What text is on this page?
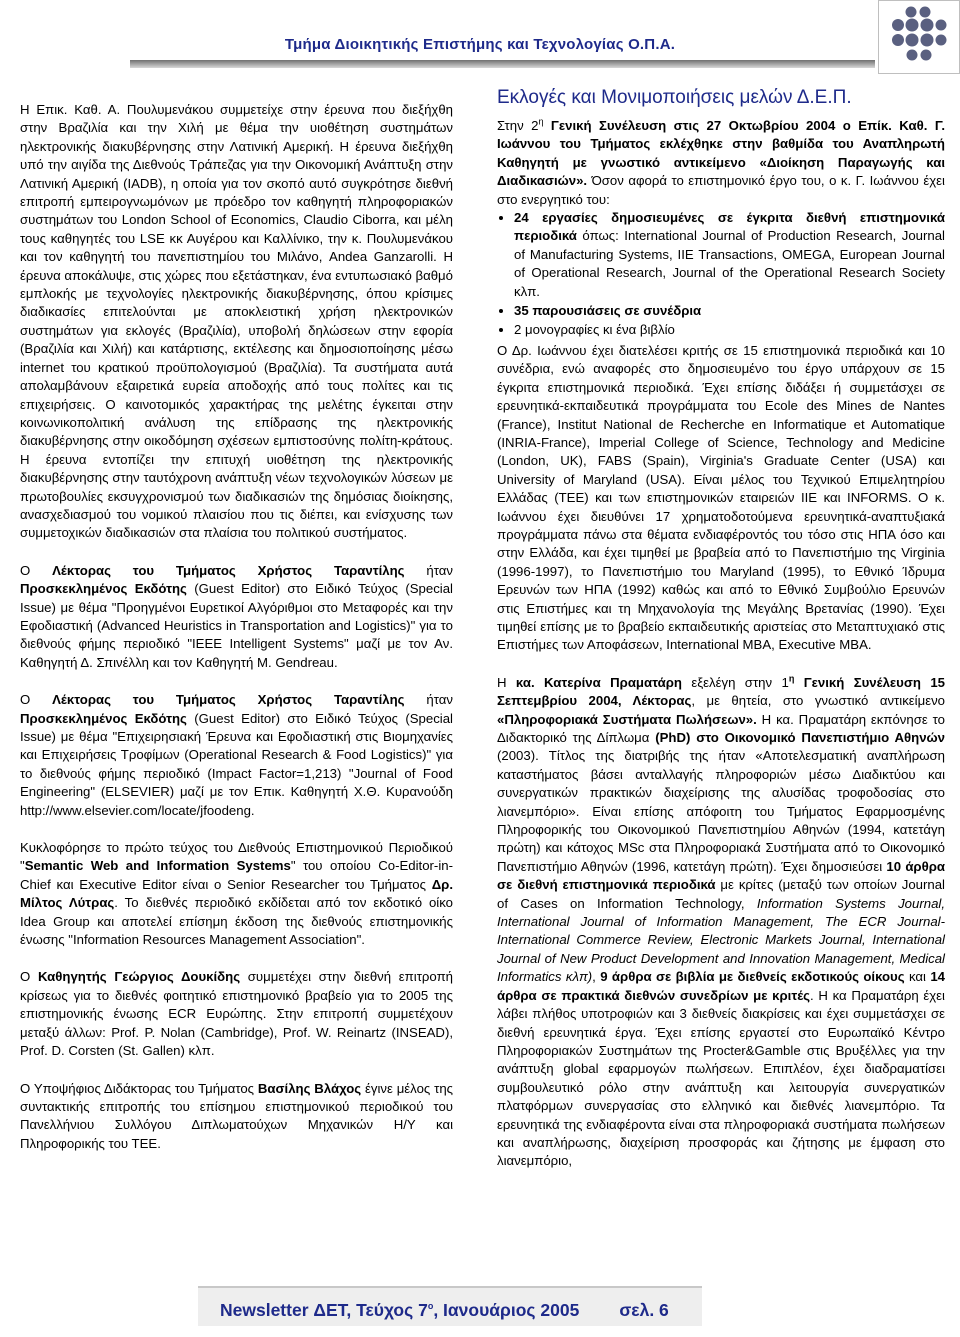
Τμήμα Διοικητικής Επιστήμης και Τεχνολογίας Ο.Π.Α.

Η Επικ. Καθ. Α. Πουλυμενάκου συμμετείχε στην έρευνα που διεξήχθη στην Βραζιλία και την Χιλή με θέμα την υιοθέτηση συστημάτων ηλεκτρονικής διακυβέρνησης στην Λατινική Αμερική. Η έρευνα διεξήχθη υπό την αιγίδα της Διεθνούς Τράπεζας για την Οικονομική Ανάπτυξη στην Λατινική Αμερική (IADB), η οποία για τον σκοπό αυτό συγκρότησε διεθνή επιτροπή εμπειρογνωμόνων με πρόεδρο τον καθηγητή πληροφοριακών συστημάτων του London School of Economics, Claudio Ciborra, και μέλη τους καθηγητές του LSE κκ Αυγέρου και Καλλίνικο, την κ. Πουλυμενάκου και τον καθηγητή του πανεπιστημίου του Μιλάνο, Andea Ganzarolli. Η έρευνα αποκάλυψε, στις χώρες που εξετάστηκαν, ένα εντυπωσιακό βαθμό εμπλοκής με τεχνολογίες ηλεκτρονικής διακυβέρνησης, όπου κρίσιμες διαδικασίες επιτελούνται με αποκλειστική χρήση ηλεκτρονικών συστημάτων για εκλογές (Βραζιλία), υποβολή δηλώσεων στην εφορία (Βραζιλία και Χιλή) και κατάρτισης, εκτέλεσης και δημοσιοποίησης μέσω internet του κρατικού προϋπολογισμού (Βραζιλία). Τα συστήματα αυτά απολαμβάνουν εξαιρετικά ευρεία αποδοχής από τους πολίτες και τις επιχειρήσεις. Ο καινοτομικός χαρακτήρας της μελέτης έγκειται στην κοινωνικοπολιτική ανάλυση της επίδρασης της ηλεκτρονικής διακυβέρνησης στην οικοδόμηση σχέσεων εμπιστοσύνης πολίτη-κράτους. Η έρευνα εντοπίζει την επιτυχή υιοθέτηση της ηλεκτρονικής διακυβέρνησης στην ταυτόχρονη ανάπτυξη νέων τεχνολογικών λύσεων με πρωτοβουλίες εκσυγχρονισμού των διαδικασιών της δημόσιας διοίκησης, ανασχεδιασμού του νομικού πλαισίου που τις διέπει, και ενίσχυσης των συμμετοχικών διαδικασιών στα πλαίσια του πολιτικού συστήματος.

Ο Λέκτορας του Τμήματος Χρήστος Ταραντίλης ήταν Προσκεκλημένος Εκδότης (Guest Editor) στο Ειδικό Τεύχος (Special Issue) με θέμα "Προηγμένοι Ευρετικοί Αλγόριθμοι στο Μεταφορές και την Εφοδιαστική (Advanced Heuristics in Transportation and Logistics)" για το διεθνούς φήμης περιοδικό "IEEE Intelligent Systems" μαζί με τον Αν. Καθηγητή Δ. Σπινέλλη και τον Καθηγητή M. Gendreau.

Ο Λέκτορας του Τμήματος Χρήστος Ταραντίλης ήταν Προσκεκλημένος Εκδότης (Guest Editor) στο Ειδικό Τεύχος (Special Issue) με θέμα "Επιχειρησιακή Έρευνα και Εφοδιαστική στις Βιομηχανίες και Επιχειρήσεις Τροφίμων (Operational Research & Food Logistics)" για το διεθνούς φήμης περιοδικό (Impact Factor=1,213) "Journal of Food Engineering" (ELSEVIER) μαζί με τον Επικ. Καθηγητή Χ.Θ. Κυρανούδη http://www.elsevier.com/locate/jfoodeng.

Κυκλοφόρησε το πρώτο τεύχος του Διεθνούς Επιστημονικού Περιοδικού "Semantic Web and Information Systems" του οποίου Co-Editor-in-Chief και Executive Editor είναι ο Senior Researcher του Τμήματος Δρ. Μίλτος Λύτρας. Το διεθνές περιοδικό εκδίδεται από τον εκδοτικό οίκο Idea Group και αποτελεί επίσημη έκδοση της διεθνούς επιστημονικής ένωσης "Information Resources Management Association".

Ο Καθηγητής Γεώργιος Δουκίδης συμμετέχει στην διεθνή επιτροπή κρίσεως για το διεθνές φοιτητικό επιστημονικό βραβείο για το 2005 της επιστημονικής ένωσης ECR Ευρώπης. Στην επιτροπή συμμετέχουν μεταξύ άλλων: Prof. P. Nolan (Cambridge), Prof. W. Reinartz (INSEAD), Prof. D. Corsten (St. Gallen) κλπ.

Ο Υποψήφιος Διδάκτορας του Τμήματος Βασίλης Βλάχος έγινε μέλος της συντακτικής επιτροπής του επίσημου επιστημονικού περιοδικού του Πανελλήνιου Συλλόγου Διπλωματούχων Μηχανικών Η/Υ και Πληροφορικής του ΤΕΕ.

Εκλογές και Μονιμοποιήσεις μελών Δ.Ε.Π.

Στην $2^\eta$ Γενική Συνέλευση στις 27 Οκτωβρίου 2004 ο Επίκ. Καθ. Γ. Ιωάννου του Τμήματος εκλέχθηκε στην βαθμίδα του Αναπληρωτή Καθηγητή με γνωστικό αντικείμενο «Διοίκηση Παραγωγής και Διαδικασιών». Όσον αφορά το επιστημονικό έργο του, ο κ. Γ. Ιωάννου έχει στο ενεργητικό του:

• 24 εργασίες δημοσιευμένες σε έγκριτα διεθνή επιστημονικά περιοδικά όπως: International Journal of Production Research, Journal of Manufacturing Systems, IIE Transactions, OMEGA, European Journal of Operational Research, Journal of the Operational Research Society κλπ.
• 35 παρουσιάσεις σε συνέδρια
• 2 μονογραφίες κι ένα βιβλίο

Ο Δρ. Ιωάννου έχει διατελέσει κριτής σε 15 επιστημονικά περιοδικά και 10 συνέδρια, ενώ αναφορές στο δημοσιευμένο του έργο υπάρχουν σε 15 έγκριτα επιστημονικά περιοδικά. Έχει επίσης διδάξει ή συμμετάσχει σε ερευνητικά-εκπαιδευτικά προγράμματα του Ecole des Mines de Nantes (France), Institut National de Recherche en Informatique et Automatique (INRIA-France), Imperial College of Science, Technology and Medicine (London, UK), FABS (Spain), Virginia's Graduate Center (USA) και University of Maryland (USA). Είναι μέλος του Τεχνικού Επιμελητηρίου Ελλάδας (ΤΕΕ) και των επιστημονικών εταιρειών IIE και INFORMS. Ο κ. Ιωάννου έχει διευθύνει 17 χρηματοδοτούμενα ερευνητικά-αναπτυξιακά προγράμματα πάνω στα θέματα ενδιαφέροντός του τόσο στις ΗΠΑ όσο και στην Ελλάδα, και έχει τιμηθεί με βραβεία από το Πανεπιστήμιο της Virginia (1996-1997), το Πανεπιστήμιο του Maryland (1995), το Εθνικό Ίδρυμα Ερευνών των ΗΠΑ (1992) καθώς και από το Εθνικό Συμβούλιο Ερευνών στις Επιστήμες και τη Μηχανολογία της Μεγάλης Βρετανίας (1990). Έχει τιμηθεί επίσης με το βραβείο εκπαιδευτικής αριστείας στο Μεταπτυχιακό στις Επιστήμες των Αποφάσεων, International MBA, Executive MBA.

Η κα. Κατερίνα Πραματάρη εξελέγη στην $1^\eta$ Γενική Συνέλευση 15 Σεπτεμβρίου 2004, Λέκτορας, με θητεία, στο γνωστικό αντικείμενο «Πληροφοριακά Συστήματα Πωλήσεων». Η κα. Πραματάρη εκπόνησε το Διδακτορικό της Δίπλωμα (PhD) στο Οικονομικό Πανεπιστήμιο Αθηνών (2003). Τίτλος της διατριβής της ήταν «Αποτελεσματική αναπλήρωση καταστήματος βάσει ανταλλαγής πληροφοριών μέσω Διαδικτύου και συνεργατικών πρακτικών διαχείρισης της αλυσίδας τροφοδοσίας στο λιανεμπόριο». Είναι επίσης απόφοιτη του Τμήματος Εφαρμοσμένης Πληροφορικής του Οικονομικού Πανεπιστημίου Αθηνών (1994, κατετάγη πρώτη) και κάτοχος MSc στα Πληροφοριακά Συστήματα από το Οικονομικό Πανεπιστήμιο Αθηνών (1996, κατετάγη πρώτη). Έχει δημοσιεύσει 10 άρθρα σε διεθνή επιστημονικά περιοδικά με κρίτες (μεταξύ των οποίων Journal of Cases on Information Technology, Information Systems Journal, International Journal of Information Management, The ECR Journal-International Commerce Review, Electronic Markets Journal, International Journal of New Product Development and Innovation Management, Medical Informatics κλπ), 9 άρθρα σε βιβλία με διεθνείς εκδοτικούς οίκους και 14 άρθρα σε πρακτικά διεθνών συνεδρίων με κριτές. Η κα Πραματάρη έχει λάβει πλήθος υποτροφιών και 3 διεθνείς διακρίσεις και έχει συμμετάσχει σε διεθνή ερευνητικά έργα. Έχει επίσης εργαστεί στο Ευρωπαϊκό Κέντρο Πληροφοριακών Συστημάτων της Procter&Gamble στις Βρυξέλλες για την ανάπτυξη global εφαρμογών πωλήσεων. Επιπλέον, έχει διαδραματίσει συμβουλευτικό ρόλο στην ανάπτυξη και λειτουργία συνεργατικών πλατφόρμων συνεργασίας στο ελληνικό και διεθνές λιανεμπόριο. Τα ερευνητικά της ενδιαφέροντα είναι στα πληροφοριακά συστήματα πωλήσεων και αναπλήρωσης, διαχείριση προσφοράς και ζήτησης με έμφαση στο λιανεμπόριο,

Newsletter ΔΕΤ, Τεύχος $7^o$, Ιανουάριος 2005 σελ. 6
